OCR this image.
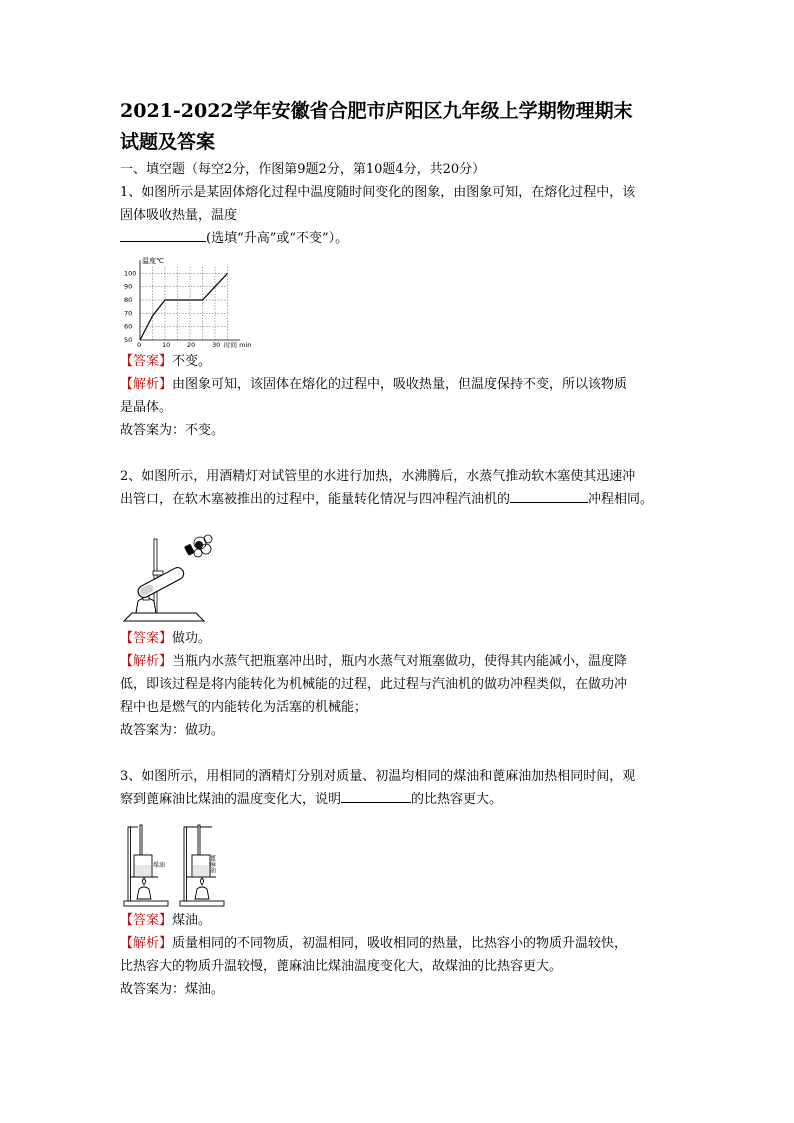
2021-2022学年安徽省合肥市庐阳区九年级上学期物理期末

试题及答案

一、填空题（每空2分，作图第9题2分，第10题4分，共20分）

1、如图所示是某固体熔化过程中温度随时间变化的图象，由图象可知，在熔化过程中，该

固体吸收热量，温度

(选填“升高”或“不变”）。

0	10	20	30
50
60
70
80
90
100
温度℃
时间 min

【答案】不变。

【解析】由图象可知，该固体在熔化的过程中，吸收热量，但温度保持不变，所以该物质

是晶体。

故答案为：不变。

2、如图所示，用酒精灯对试管里的水进行加热，水沸腾后，水蒸气推动软木塞使其迅速冲

出管口，在软木塞被推出的过程中，能量转化情况与四冲程汽油机的	冲程相同。

【答案】做功。

【解析】当瓶内水蒸气把瓶塞冲出时，瓶内水蒸气对瓶塞做功，使得其内能减小，温度降

低，即该过程是将内能转化为机械能的过程，此过程与汽油机的做功冲程类似，在做功冲

程中也是燃气的内能转化为活塞的机械能；

故答案为：做功。

3、如图所示，用相同的酒精灯分别对质量、初温均相同的煤油和蓖麻油加热相同时间，观

察到蓖麻油比煤油的温度变化大，说明	的比热容更大。

煤油	蓖麻油

【答案】煤油。

【解析】质量相同的不同物质，初温相同，吸收相同的热量，比热容小的物质升温较快，

比热容大的物质升温较慢，蓖麻油比煤油温度变化大，故煤油的比热容更大。

故答案为：煤油。
